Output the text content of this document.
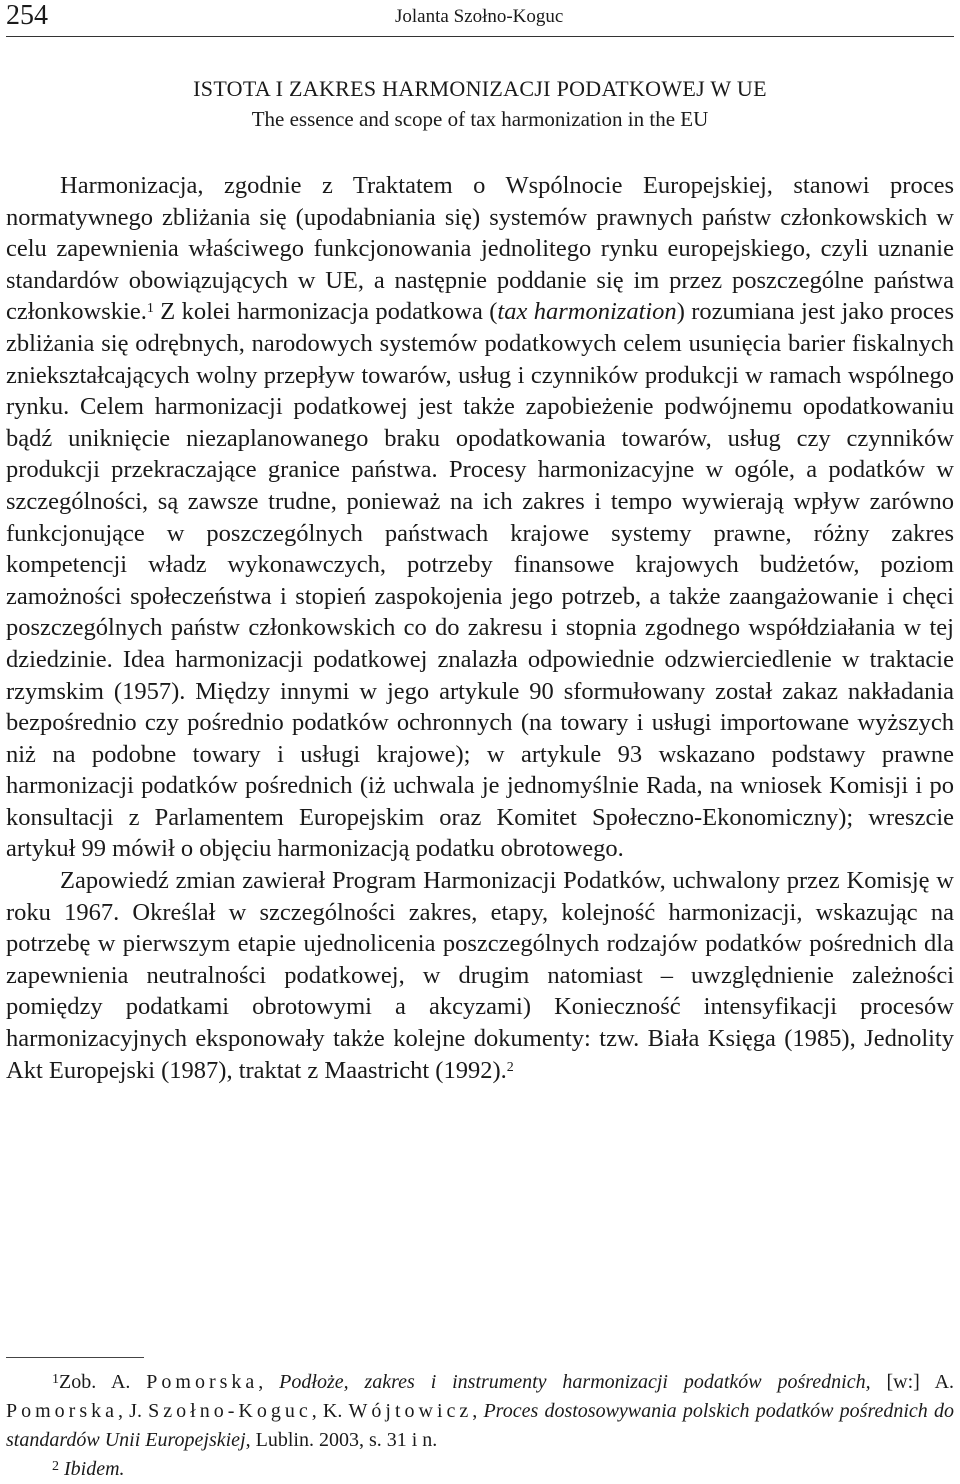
254	Jolanta Szołno-Koguc
ISTOTA I ZAKRES HARMONIZACJI PODATKOWEJ W UE
The essence and scope of tax harmonization in the EU

Harmonizacja, zgodnie z Traktatem o Wspólnocie Europejskiej, stanowi proces normatywnego zbliżania się (upodabniania się) systemów prawnych państw członkowskich w celu zapewnienia właściwego funkcjonowania jednolitego rynku europejskiego, czyli uznanie standardów obowiązujących w UE, a następnie poddanie się im przez poszczególne państwa członkowskie.$^1$ Z kolei harmonizacja podatkowa (tax harmonization) rozumiana jest jako proces zbliżania się odrębnych, narodowych systemów podatkowych celem usunięcia barier fiskalnych zniekształcających wolny przepływ towarów, usług i czynników produkcji w ramach wspólnego rynku. Celem harmonizacji podatkowej jest także zapobieżenie podwójnemu opodatkowaniu bądź uniknięcie niezaplanowanego braku opodatkowania towarów, usług czy czynników produkcji przekraczające granice państwa. Procesy harmonizacyjne w ogóle, a podatków w szczególności, są zawsze trudne, ponieważ na ich zakres i tempo wywierają wpływ zarówno funkcjonujące w poszczególnych państwach krajowe systemy prawne, różny zakres kompetencji władz wykonawczych, potrzeby finansowe krajowych budżetów, poziom zamożności społeczeństwa i stopień zaspokojenia jego potrzeb, a także zaangażowanie i chęci poszczególnych państw członkowskich co do zakresu i stopnia zgodnego współdziałania w tej dziedzinie. Idea harmonizacji podatkowej znalazła odpowiednie odzwierciedlenie w traktacie rzymskim (1957). Między innymi w jego artykule 90 sformułowany został zakaz nakładania bezpośrednio czy pośrednio podatków ochronnych (na towary i usługi importowane wyższych niż na podobne towary i usługi krajowe); w artykule 93 wskazano podstawy prawne harmonizacji podatków pośrednich (iż uchwala je jednomyślnie Rada, na wniosek Komisji i po konsultacji z Parlamentem Europejskim oraz Komitet Społeczno-Ekonomiczny); wreszcie artykuł 99 mówił o objęciu harmonizacją podatku obrotowego.

Zapowiedź zmian zawierał Program Harmonizacji Podatków, uchwalony przez Komisję w roku 1967. Określał w szczególności zakres, etapy, kolejność harmonizacji, wskazując na potrzebę w pierwszym etapie ujednolicenia poszczególnych rodzajów podatków pośrednich dla zapewnienia neutralności podatkowej, w drugim natomiast – uwzględnienie zależności pomiędzy podatkami obrotowymi a akcyzami) Konieczność intensyfikacji procesów harmonizacyjnych eksponowały także kolejne dokumenty: tzw. Biała Księga (1985), Jednolity Akt Europejski (1987), traktat z Maastricht (1992).$^2$

$^1$Zob. A. Pomorska, Podłoże, zakres i instrumenty harmonizacji podatków pośrednich, [w:] A. Pomorska, J. Szołno-Koguc, K. Wójtowicz, Proces dostosowywania polskich podatków pośrednich do standardów Unii Europejskiej, Lublin. 2003, s. 31 i n.

$^2$ Ibidem.
